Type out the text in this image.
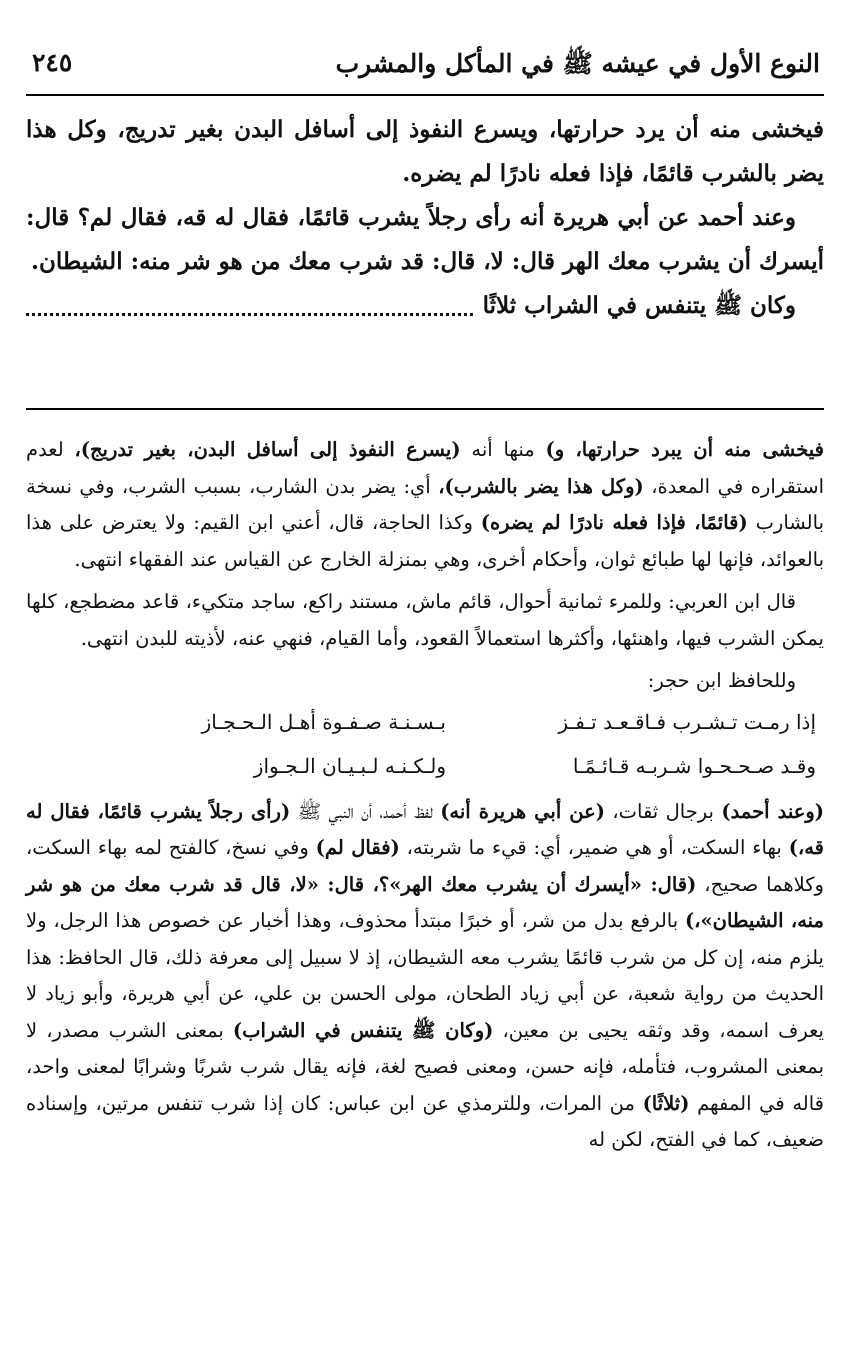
النوع الأول في عيشه ﷺ في المأكل والمشرب
٢٤٥

فيخشى منه أن يرد حرارتها، ويسرع النفوذ إلى أسافل البدن بغير تدريج، وكل هذا يضر بالشرب قائمًا، فإذا فعله نادرًا لم يضره.

وعند أحمد عن أبي هريرة أنه رأى رجلاً يشرب قائمًا، فقال له قه، فقال لم؟ قال: أيسرك أن يشرب معك الهر قال: لا، قال: قد شرب معك من هو شر منه: الشيطان.

وكان ﷺ يتنفس في الشراب ثلاثًا

فيخشى منه أن يبرد حرارتها، و) منها أنه (يسرع النفوذ إلى أسافل البدن، بغير تدريج)، لعدم استقراره في المعدة، (وكل هذا يضر بالشرب)، أي: يضر بدن الشارب، بسبب الشرب، وفي نسخة بالشارب (قائمًا، فإذا فعله نادرًا لم يضره) وكذا الحاجة، قال، أعني ابن القيم: ولا يعترض على هذا بالعوائد، فإنها لها طبائع ثوان، وأحكام أخرى، وهي بمنزلة الخارج عن القياس عند الفقهاء انتهى.

قال ابن العربي: وللمرء ثمانية أحوال، قائم ماش، مستند راكع، ساجد متكيء، قاعد مضطجع، كلها يمكن الشرب فيها، واهنئها، وأكثرها استعمالاً القعود، وأما القيام، فنهي عنه، لأذيته للبدن انتهى.

وللحافظ ابن حجر:

إذا رمـت تـشـرب فـاقـعـد تـفـز
بـسـنـة صـفـوة أهـل الـحـجـاز
وقـد صـحـحـوا شـربـه قـائـمًـا
ولـكـنـه لـبـيـان الـجـواز

(وعند أحمد) برجال ثقات، (عن أبي هريرة أنه) لفظ أحمد، أن النبي ﷺ (رأى رجلاً يشرب قائمًا، فقال له قه،) بهاء السكت، أو هي ضمير، أي: قيء ما شربته، (فقال لم) وفي نسخ، كالفتح لمه بهاء السكت، وكلاهما صحيح، (قال: «أيسرك أن يشرب معك الهر»؟، قال: «لا، قال قد شرب معك من هو شر منه، الشيطان»،) بالرفع بدل من شر، أو خبرًا مبتدأ محذوف، وهذا أخبار عن خصوص هذا الرجل، ولا يلزم منه، إن كل من شرب قائمًا يشرب معه الشيطان، إذ لا سبيل إلى معرفة ذلك، قال الحافظ: هذا الحديث من رواية شعبة، عن أبي زياد الطحان، مولى الحسن بن علي، عن أبي هريرة، وأبو زياد لا يعرف اسمه، وقد وثقه يحيى بن معين، (وكان ﷺ يتنفس في الشراب) بمعنى الشرب مصدر، لا بمعنى المشروب، فتأمله، فإنه حسن، ومعنى فصيح لغة، فإنه يقال شرب شربًا وشرابًا لمعنى واحد، قاله في المفهم (ثلاثًا) من المرات، وللترمذي عن ابن عباس: كان إذا شرب تنفس مرتين، وإسناده ضعيف، كما في الفتح، لكن له
